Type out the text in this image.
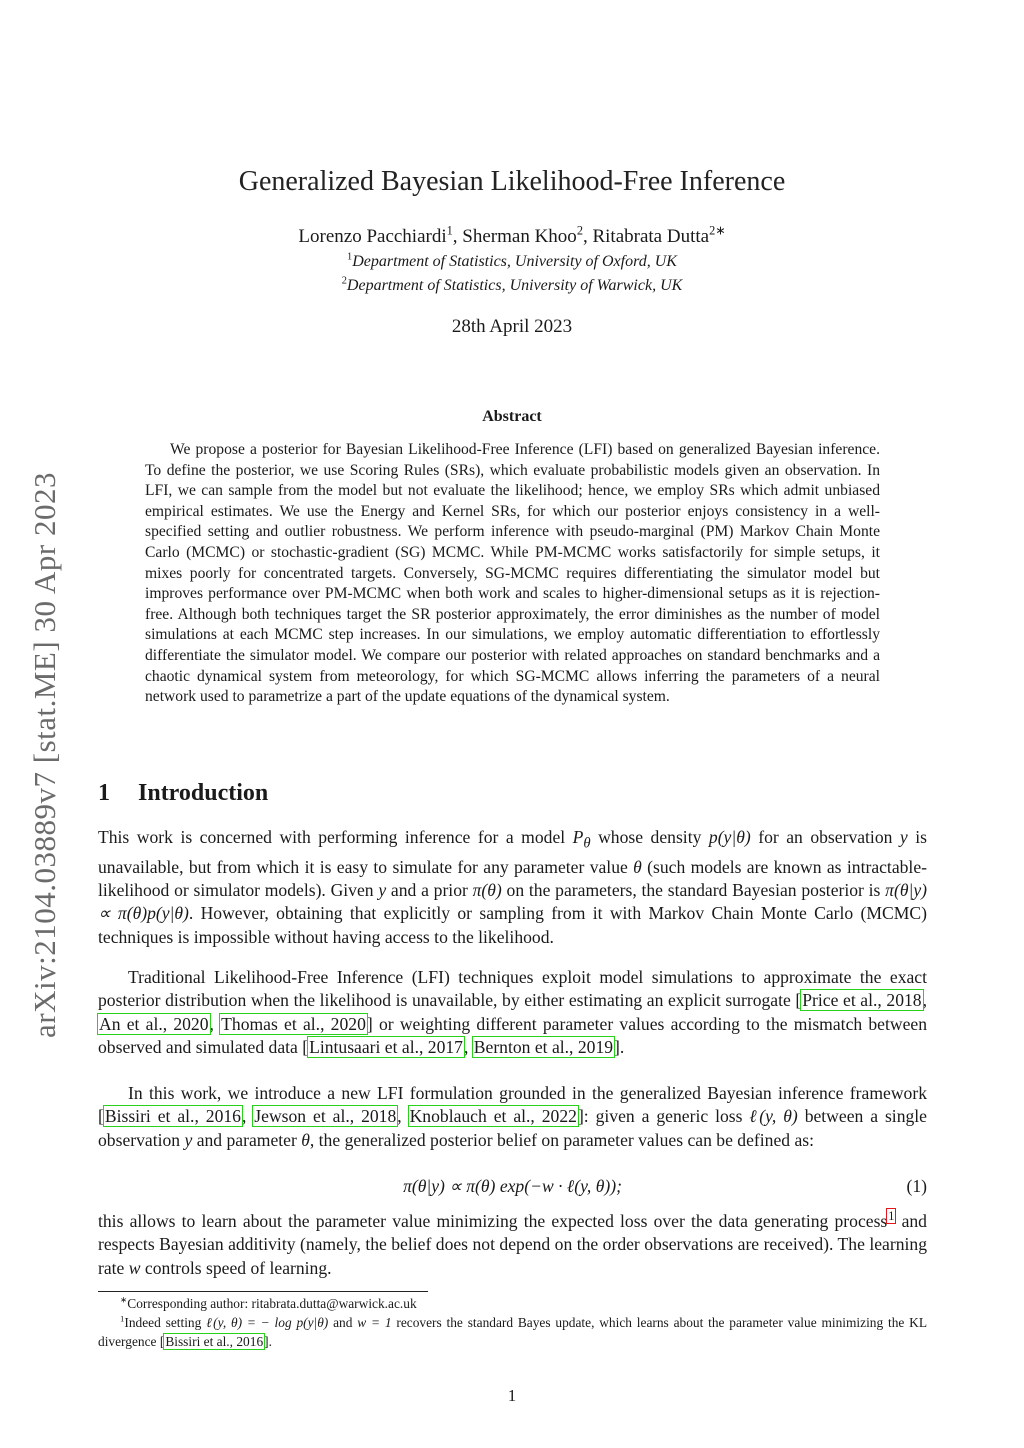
arXiv:2104.03889v7 [stat.ME] 30 Apr 2023
Generalized Bayesian Likelihood-Free Inference
Lorenzo Pacchiardi$^1$, Sherman Khoo$^2$, Ritabrata Dutta$^{2∗}$
$^1$Department of Statistics, University of Oxford, UK
$^2$Department of Statistics, University of Warwick, UK
28th April 2023
Abstract

We propose a posterior for Bayesian Likelihood-Free Inference (LFI) based on generalized Bayesian inference. To define the posterior, we use Scoring Rules (SRs), which evaluate probabilistic models given an observation. In LFI, we can sample from the model but not evaluate the likelihood; hence, we employ SRs which admit unbiased empirical estimates. We use the Energy and Kernel SRs, for which our posterior enjoys consistency in a well-specified setting and outlier robustness. We perform inference with pseudo-marginal (PM) Markov Chain Monte Carlo (MCMC) or stochastic-gradient (SG) MCMC. While PM-MCMC works satisfactorily for simple setups, it mixes poorly for concentrated targets. Conversely, SG-MCMC requires differentiating the simulator model but improves performance over PM-MCMC when both work and scales to higher-dimensional setups as it is rejection-free. Although both techniques target the SR posterior approximately, the error diminishes as the number of model simulations at each MCMC step increases. In our simulations, we employ automatic differentiation to effortlessly differentiate the simulator model. We compare our posterior with related approaches on standard benchmarks and a chaotic dynamical system from meteorology, for which SG-MCMC allows inferring the parameters of a neural network used to parametrize a part of the update equations of the dynamical system.

1 Introduction

This work is concerned with performing inference for a model $P_\theta$ whose density p(y|θ) for an observation y is unavailable, but from which it is easy to simulate for any parameter value θ (such models are known as intractable-likelihood or simulator models). Given y and a prior π(θ) on the parameters, the standard Bayesian posterior is π(θ|y) ∝ π(θ)p(y|θ). However, obtaining that explicitly or sampling from it with Markov Chain Monte Carlo (MCMC) techniques is impossible without having access to the likelihood.

Traditional Likelihood-Free Inference (LFI) techniques exploit model simulations to approximate the exact posterior distribution when the likelihood is unavailable, by either estimating an explicit surrogate [Price et al., 2018, An et al., 2020, Thomas et al., 2020] or weighting different parameter values according to the mismatch between observed and simulated data [Lintusaari et al., 2017, Bernton et al., 2019].

In this work, we introduce a new LFI formulation grounded in the generalized Bayesian inference framework [Bissiri et al., 2016, Jewson et al., 2018, Knoblauch et al., 2022]: given a generic loss ℓ(y, θ) between a single observation y and parameter θ, the generalized posterior belief on parameter values can be defined as:

π(θ|y) ∝ π(θ) exp(−w · ℓ(y, θ));	(1)

this allows to learn about the parameter value minimizing the expected loss over the data generating process$^1$ and respects Bayesian additivity (namely, the belief does not depend on the order observations are received). The learning rate w controls speed of learning.

∗Corresponding author: ritabrata.dutta@warwick.ac.uk

$^1$Indeed setting ℓ(y, θ) = − log p(y|θ) and w = 1 recovers the standard Bayes update, which learns about the parameter value minimizing the KL divergence [Bissiri et al., 2016].

1
